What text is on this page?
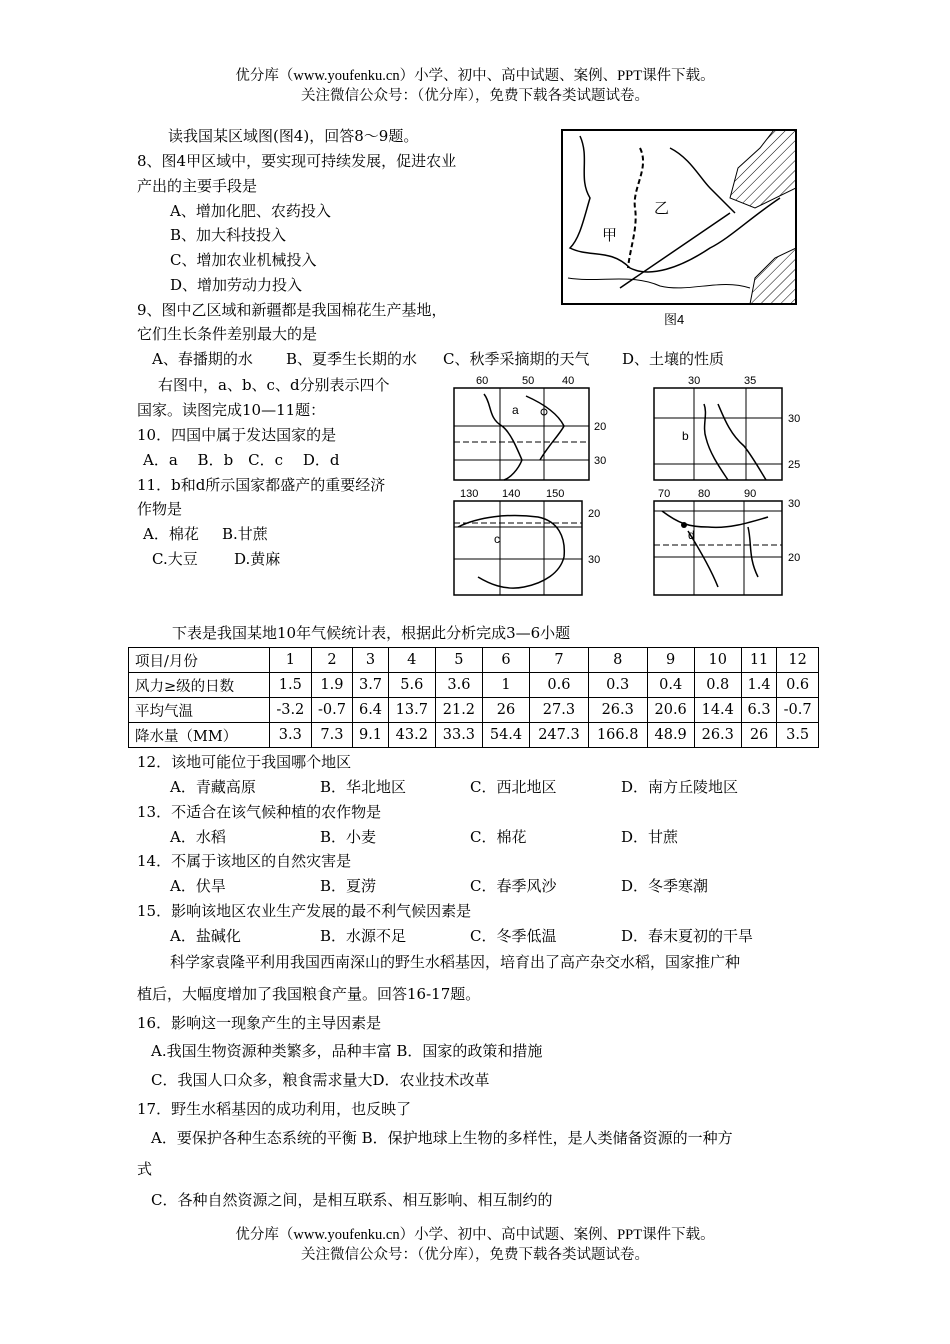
优分库（www.youfenku.cn）小学、初中、高中试题、案例、PPT课件下载。
关注微信公众号：（优分库），免费下载各类试题试卷。
读我国某区域图(图4)，回答8～9题。
8、图4甲区域中，要实现可持续发展，促进农业
产出的主要手段是
A、增加化肥、农药投入
B、加大科技投入
C、增加农业机械投入
D、增加劳动力投入
9、图中乙区域和新疆都是我国棉花生产基地，
它们生长条件差别最大的是
A、春播期的水 B、夏季生长期的水 C、秋季采摘期的天气 D、土壤的性质
乙
甲
图4
右图中，a、b、c、d分别表示四个
国家。读图完成10—11题：
10．四国中属于发达国家的是
A．a　 B．b　C．c　 D．d
11．b和d所示国家都盛产的重要经济
作物是
A．棉花 B.甘蔗
C.大豆 D.黄麻
60	50	40
20
30
a
30	35
30
25
b
130 140 150
20
30
c
70	80	90
30
20
d
下表是我国某地10年气候统计表，根据此分析完成3—6小题
项目/月份	1	2	3	4	5	6	7	8	9	10	11	12
风力≥级的日数	1.5	1.9	3.7	5.6	3.6	1	0.6	0.3	0.4	0.8	1.4	0.6
平均气温	-3.2	-0.7	6.4	13.7	21.2	26	27.3	26.3	20.6	14.4	6.3	-0.7
降水量（MM）	3.3	7.3	9.1	43.2	33.3	54.4	247.3	166.8	48.9	26.3	26	3.5
12．该地可能位于我国哪个地区
A．青藏高原	B．华北地区	C．西北地区	D．南方丘陵地区
13．不适合在该气候种植的农作物是
A．水稻	B．小麦	C．棉花	D．甘蔗
14．不属于该地区的自然灾害是
A．伏旱	B．夏涝	C．春季风沙	D．冬季寒潮
15．影响该地区农业生产发展的最不利气候因素是
A．盐碱化	B．水源不足	C．冬季低温	D．春末夏初的干旱
科学家袁隆平利用我国西南深山的野生水稻基因，培育出了高产杂交水稻，国家推广种
植后，大幅度增加了我国粮食产量。回答16-17题。
16．影响这一现象产生的主导因素是
A.我国生物资源种类繁多，品种丰富 B．国家的政策和措施
C．我国人口众多，粮食需求量大D．农业技术改革
17．野生水稻基因的成功利用，也反映了
A．要保护各种生态系统的平衡 B．保护地球上生物的多样性，是人类储备资源的一种方
式
C．各种自然资源之间，是相互联系、相互影响、相互制约的
优分库（www.youfenku.cn）小学、初中、高中试题、案例、PPT课件下载。
关注微信公众号：（优分库），免费下载各类试题试卷。
